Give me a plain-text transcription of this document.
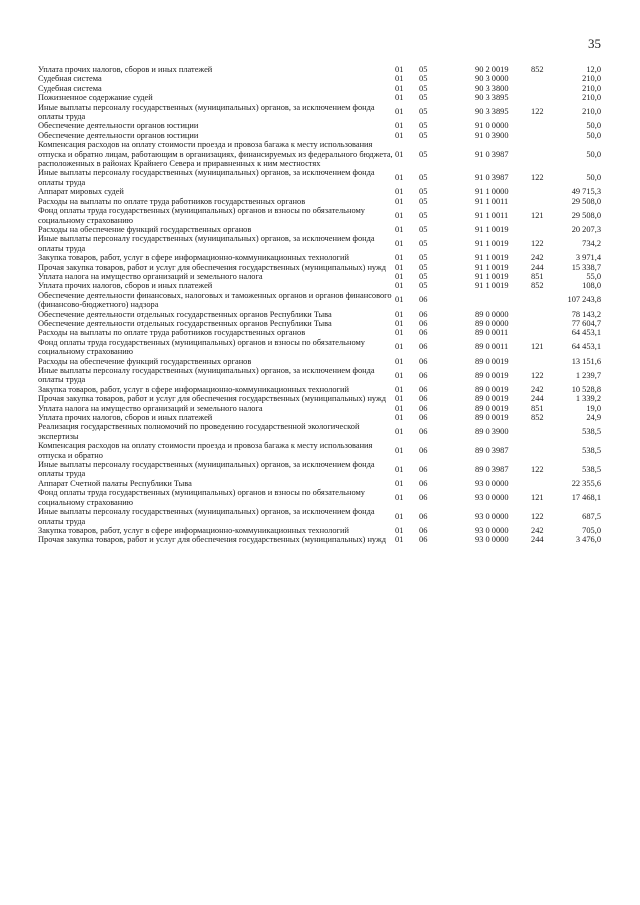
35
Уплата прочих налогов, сборов и иных платежей	01	05	90 2 0019	852	12,0
Судебная система	01	05	90 3 0000		210,0
Судебная система	01	05	90 3 3800		210,0
Пожизненное содержание судей	01	05	90 3 3895		210,0
Иные выплаты персоналу государственных (муниципальных) органов, за исключением фонда оплаты труда	01	05	90 3 3895	122	210,0
Обеспечение деятельности органов юстиции	01	05	91 0 0000		50,0
Обеспечение деятельности органов юстиции	01	05	91 0 3900		50,0
Компенсация расходов на оплату стоимости проезда и провоза багажа к месту использования отпуска и обратно лицам, работающим в организациях, финансируемых из федерального бюджета, расположенных в районах Крайнего Севера и приравненных к ним местностях	01	05	91 0 3987		50,0
Иные выплаты персоналу государственных (муниципальных) органов, за исключением фонда оплаты труда	01	05	91 0 3987	122	50,0
Аппарат мировых судей	01	05	91 1 0000		49 715,3
Расходы на выплаты по оплате труда работников государственных органов	01	05	91 1 0011		29 508,0
Фонд оплаты труда государственных (муниципальных) органов и взносы по обязательному социальному страхованию	01	05	91 1 0011	121	29 508,0
Расходы на обеспечение функций государственных органов	01	05	91 1 0019		20 207,3
Иные выплаты персоналу государственных (муниципальных) органов, за исключением фонда оплаты труда	01	05	91 1 0019	122	734,2
Закупка товаров, работ, услуг в сфере информационно-коммуникационных технологий	01	05	91 1 0019	242	3 971,4
Прочая закупка товаров, работ и услуг для обеспечения государственных (муниципальных) нужд	01	05	91 1 0019	244	15 338,7
Уплата налога на имущество организаций и земельного налога	01	05	91 1 0019	851	55,0
Уплата прочих налогов, сборов и иных платежей	01	05	91 1 0019	852	108,0
Обеспечение деятельности финансовых, налоговых и таможенных органов и органов финансового (финансово-бюджетного) надзора	01	06			107 243,8
Обеспечение деятельности отдельных государственных органов Республики Тыва	01	06	89 0 0000		78 143,2
Обеспечение деятельности отдельных государственных органов Республики Тыва	01	06	89 0 0000		77 604,7
Расходы на выплаты по оплате труда работников государственных органов	01	06	89 0 0011		64 453,1
Фонд оплаты труда государственных (муниципальных) органов и взносы по обязательному социальному страхованию	01	06	89 0 0011	121	64 453,1
Расходы на обеспечение функций государственных органов	01	06	89 0 0019		13 151,6
Иные выплаты персоналу государственных (муниципальных) органов, за исключением фонда оплаты труда	01	06	89 0 0019	122	1 239,7
Закупка товаров, работ, услуг в сфере информационно-коммуникационных технологий	01	06	89 0 0019	242	10 528,8
Прочая закупка товаров, работ и услуг для обеспечения государственных (муниципальных) нужд	01	06	89 0 0019	244	1 339,2
Уплата налога на имущество организаций и земельного налога	01	06	89 0 0019	851	19,0
Уплата прочих налогов, сборов и иных платежей	01	06	89 0 0019	852	24,9
Реализация государственных полномочий по проведению государственной экологической экспертизы	01	06	89 0 3900		538,5
Компенсация расходов на оплату стоимости проезда и провоза багажа к месту использования отпуска и обратно	01	06	89 0 3987		538,5
Иные выплаты персоналу государственных (муниципальных) органов, за исключением фонда оплаты труда	01	06	89 0 3987	122	538,5
Аппарат Счетной палаты Республики Тыва	01	06	93 0 0000		22 355,6
Фонд оплаты труда государственных (муниципальных) органов и взносы по обязательному социальному страхованию	01	06	93 0 0000	121	17 468,1
Иные выплаты персоналу государственных (муниципальных) органов, за исключением фонда оплаты труда	01	06	93 0 0000	122	687,5
Закупка товаров, работ, услуг в сфере информационно-коммуникационных технологий	01	06	93 0 0000	242	705,0
Прочая закупка товаров, работ и услуг для обеспечения государственных (муниципальных) нужд	01	06	93 0 0000	244	3 476,0
